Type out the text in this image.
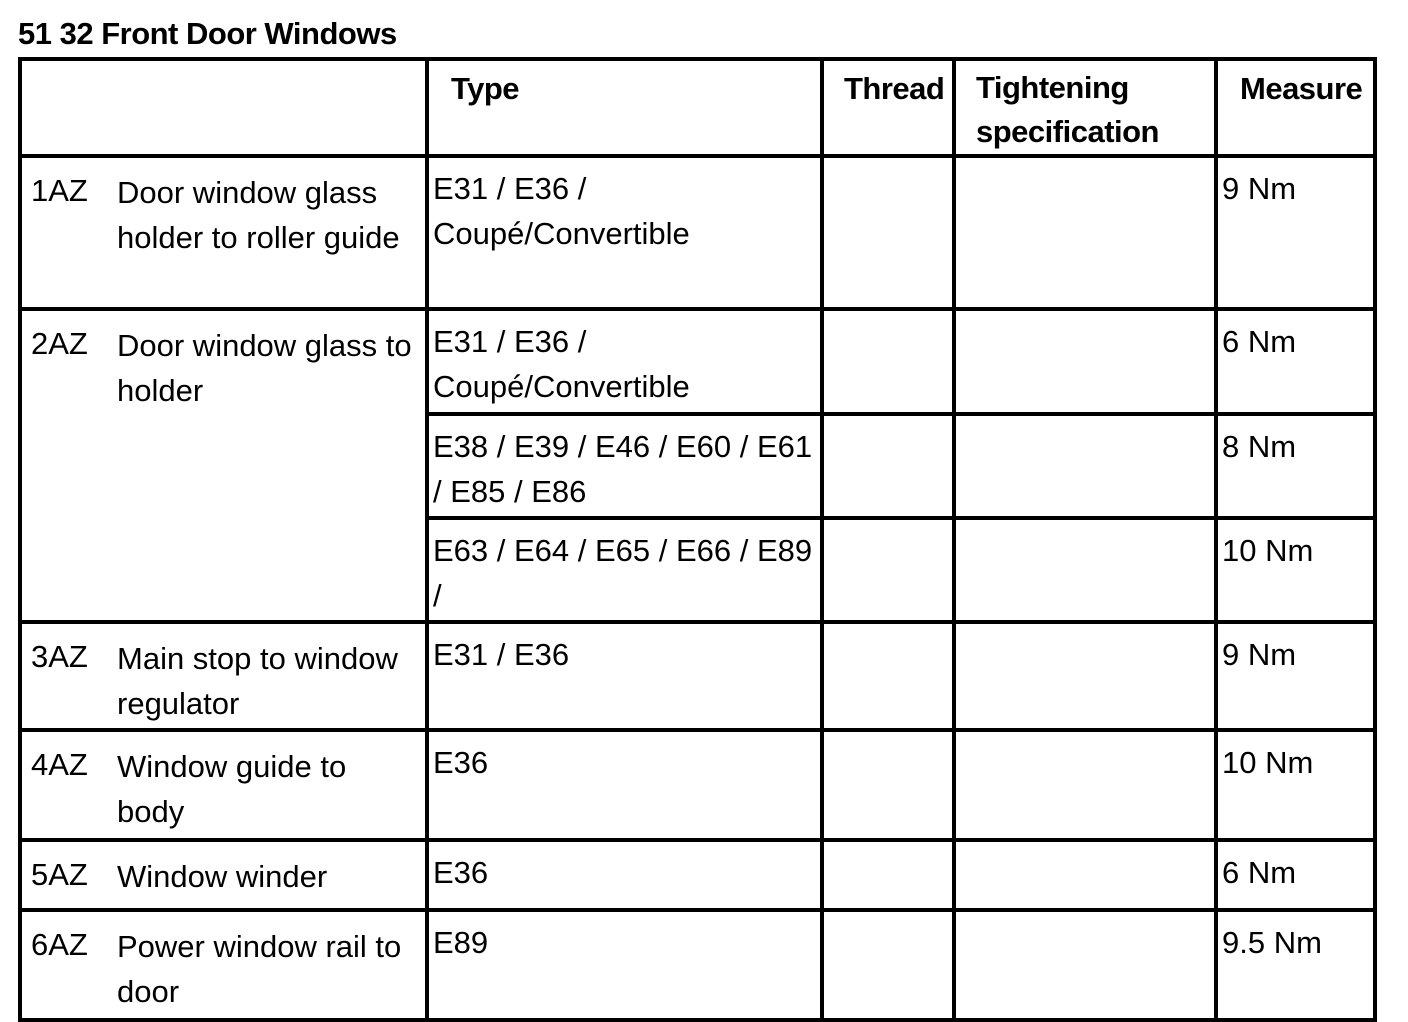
51 32 Front Door Windows
	Type	Thread	Tightening specification	Measure

1AZ Door window glass holder to roller guide	E31 / E36 / Coupé/Convertible			9 Nm

2AZ Door window glass to holder	E31 / E36 / Coupé/Convertible			6 Nm
	E38 / E39 / E46 / E60 / E61 / E85 / E86			8 Nm
	E63 / E64 / E65 / E66 / E89 /			10 Nm

3AZ Main stop to window regulator	E31 / E36			9 Nm

4AZ Window guide to body	E36			10 Nm

5AZ Window winder	E36			6 Nm

6AZ Power window rail to door	E89			9.5 Nm
